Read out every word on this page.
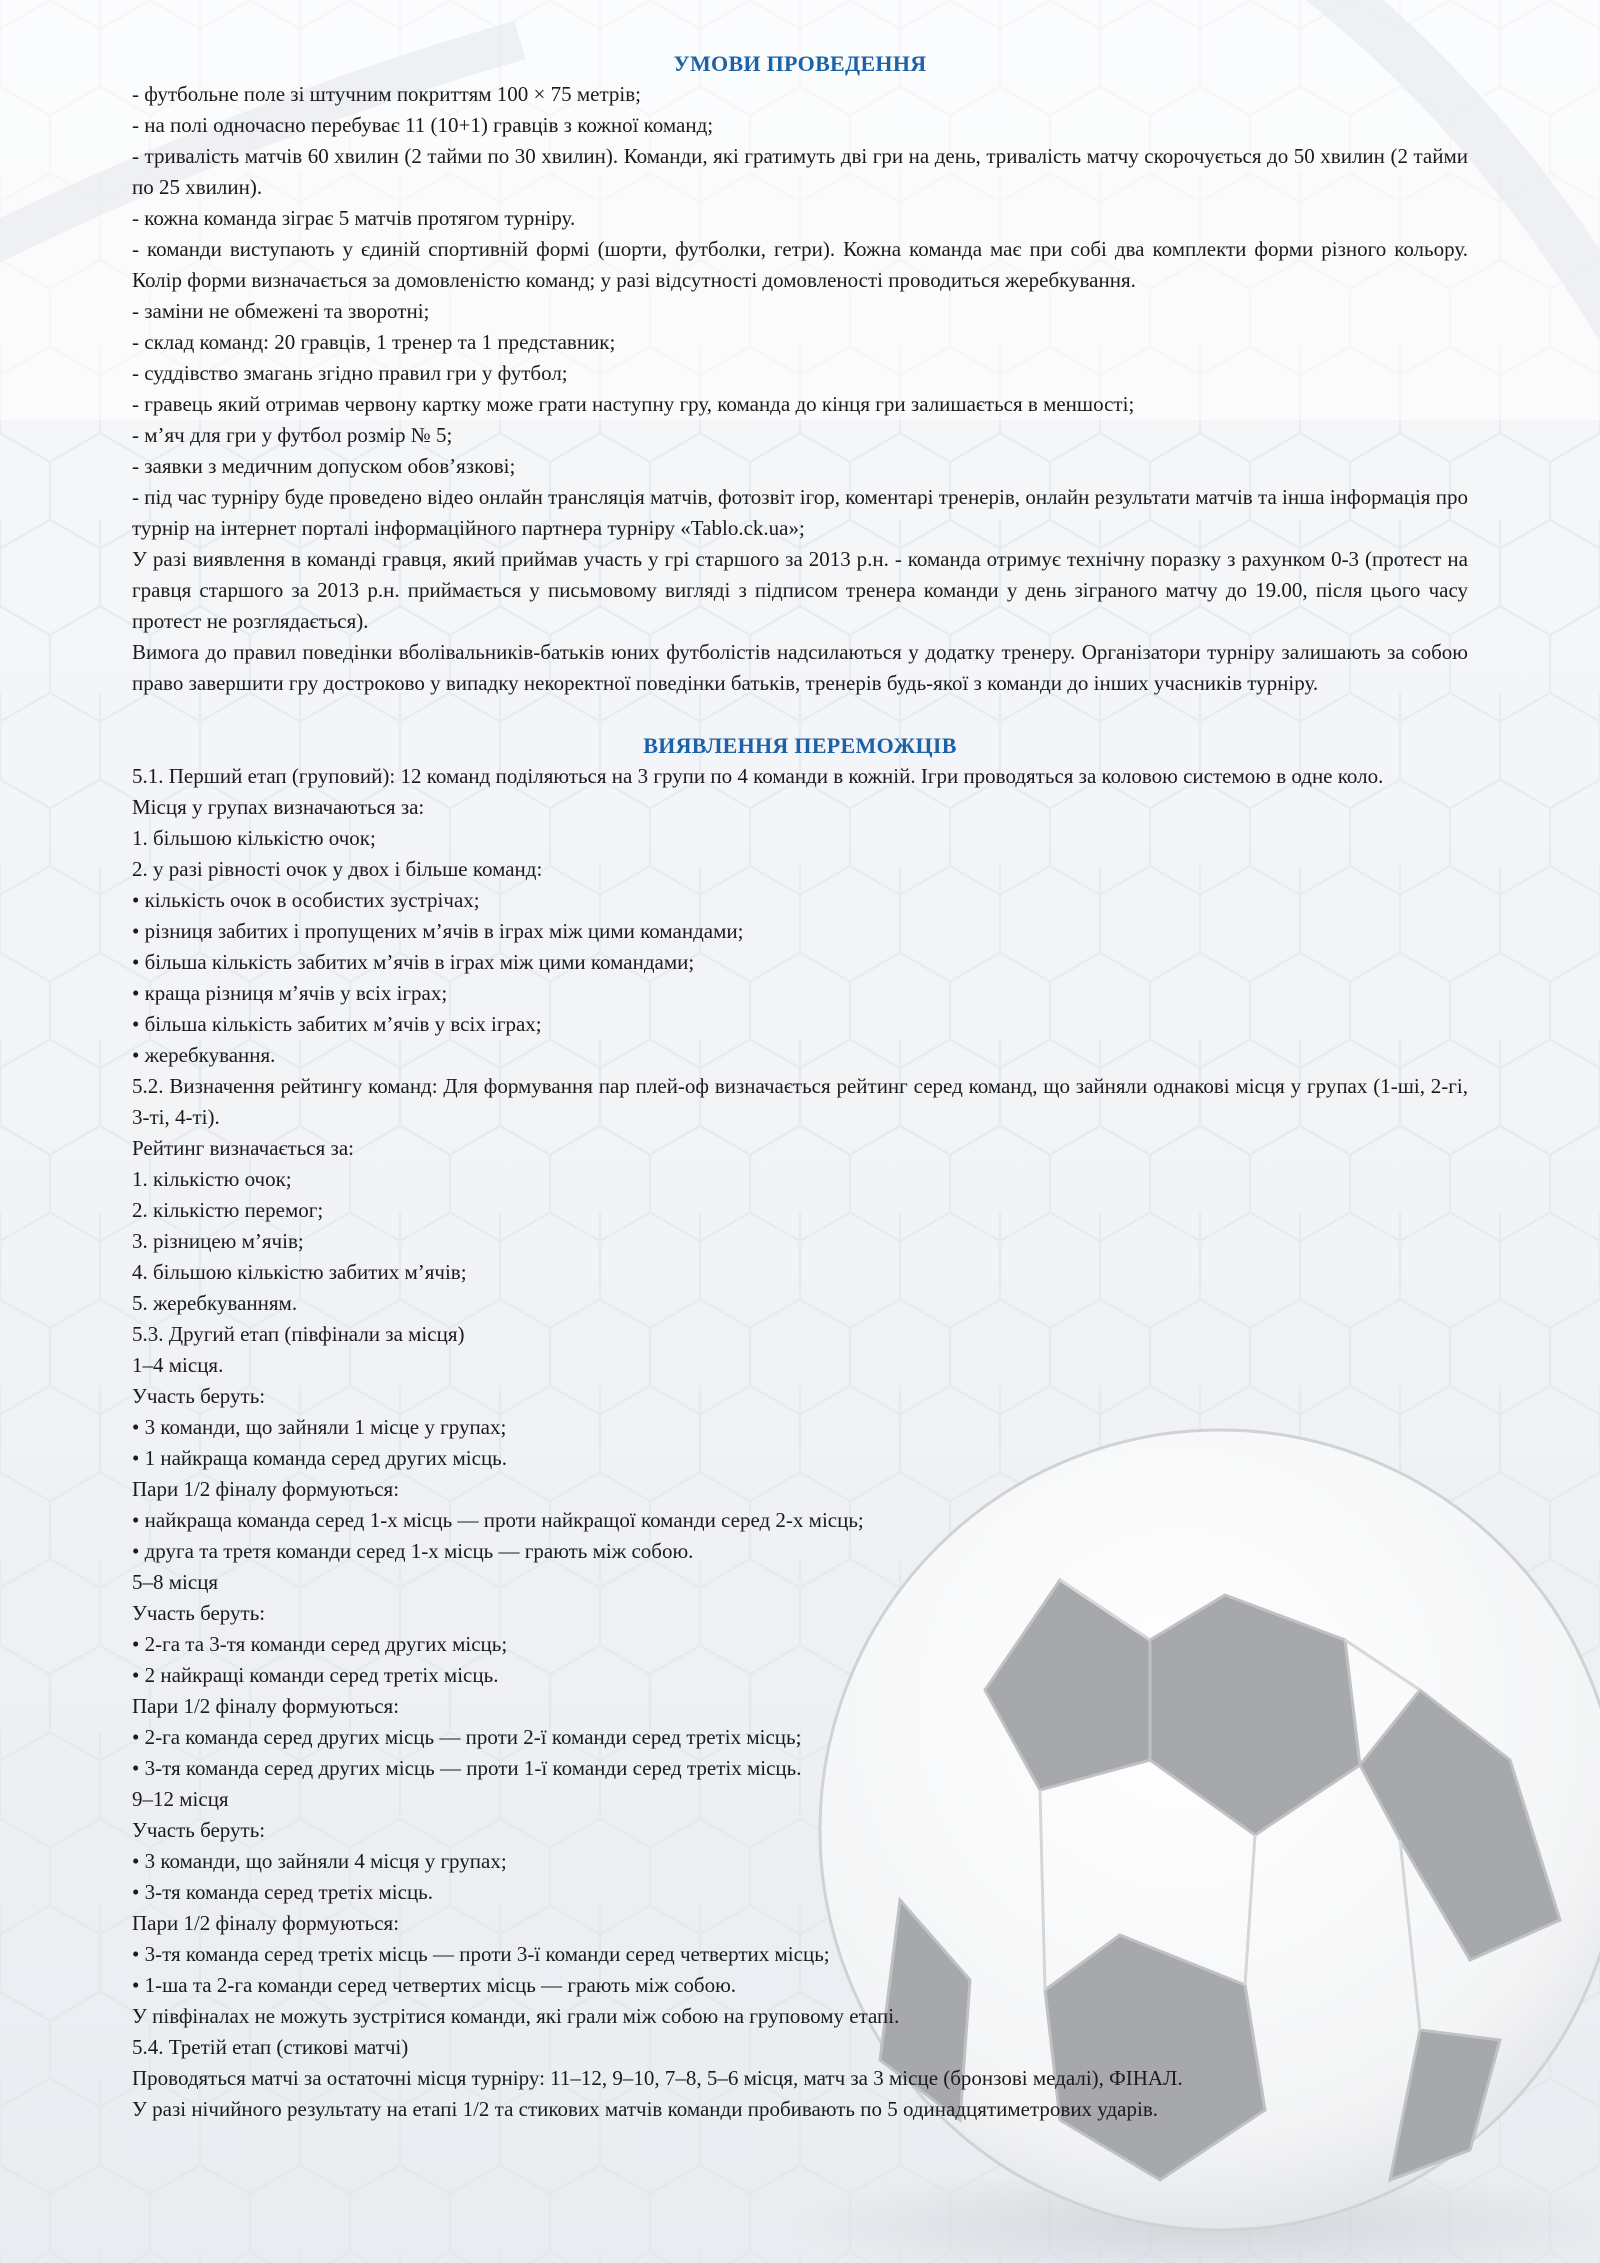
УМОВИ ПРОВЕДЕННЯ
- футбольне поле зі штучним покриттям 100 × 75 метрів;
- на полі одночасно перебуває 11 (10+1) гравців з кожної команд;
- тривалість матчів 60 хвилин (2 тайми по 30 хвилин). Команди, які гратимуть дві гри на день, тривалість матчу скорочується до 50 хвилин (2 тайми по 25 хвилин).
- кожна команда зіграє 5 матчів протягом турніру.
- команди виступають у єдиній спортивній формі (шорти, футболки, гетри). Кожна команда має при собі два комплекти форми різного кольору. Колір форми визначається за домовленістю команд; у разі відсутності домовленості проводиться жеребкування.
- заміни не обмежені та зворотні;
- склад команд: 20 гравців, 1 тренер та 1 представник;
- суддівство змагань згідно правил гри у футбол;
- гравець який отримав червону картку може грати наступну гру, команда до кінця гри залишається в меншості;
- м’яч для гри у футбол розмір № 5;
- заявки з медичним допуском обов’язкові;
- під час турніру буде проведено відео онлайн трансляція матчів, фотозвіт ігор, коментарі тренерів, онлайн результати матчів та інша інформація про турнір на інтернет порталі інформаційного партнера турніру «Tablo.ck.ua»;
У разі виявлення в команді гравця, який приймав участь у грі старшого за 2013 р.н. - команда отримує технічну поразку з рахунком 0-3 (протест на гравця старшого за 2013 р.н. приймається у письмовому вигляді з підписом тренера команди у день зіграного матчу до 19.00, після цього часу протест не розглядається).
Вимога до правил поведінки вболівальників-батьків юних футболістів надсилаються у додатку тренеру. Організатори турніру залишають за собою право завершити гру достроково у випадку некоректної поведінки батьків, тренерів будь-якої з команди до інших учасників турніру.
ВИЯВЛЕННЯ ПЕРЕМОЖЦІВ
5.1. Перший етап (груповий): 12 команд поділяються на 3 групи по 4 команди в кожній. Ігри проводяться за коловою системою в одне коло.
Місця у групах визначаються за:
1. більшою кількістю очок;
2. у разі рівності очок у двох і більше команд:
• кількість очок в особистих зустрічах;
• різниця забитих і пропущених м’ячів в іграх між цими командами;
• більша кількість забитих м’ячів в іграх між цими командами;
• краща різниця м’ячів у всіх іграх;
• більша кількість забитих м’ячів у всіх іграх;
• жеребкування.
5.2. Визначення рейтингу команд: Для формування пар плей-оф визначається рейтинг серед команд, що зайняли однакові місця у групах (1-ші, 2-гі, 3-ті, 4-ті).
Рейтинг визначається за:
1. кількістю очок;
2. кількістю перемог;
3. різницею м’ячів;
4. більшою кількістю забитих м’ячів;
5. жеребкуванням.
5.3. Другий етап (півфінали за місця)
1–4 місця.
Участь беруть:
• 3 команди, що зайняли 1 місце у групах;
• 1 найкраща команда серед других місць.
Пари 1/2 фіналу формуються:
• найкраща команда серед 1-х місць — проти найкращої команди серед 2-х місць;
• друга та третя команди серед 1-х місць — грають між собою.
5–8 місця
Участь беруть:
• 2-га та 3-тя команди серед других місць;
• 2 найкращі команди серед третіх місць.
Пари 1/2 фіналу формуються:
• 2-га команда серед других місць — проти 2-ї команди серед третіх місць;
• 3-тя команда серед других місць — проти 1-ї команди серед третіх місць.
9–12 місця
Участь беруть:
• 3 команди, що зайняли 4 місця у групах;
• 3-тя команда серед третіх місць.
Пари 1/2 фіналу формуються:
• 3-тя команда серед третіх місць — проти 3-ї команди серед четвертих місць;
• 1-ша та 2-га команди серед четвертих місць — грають між собою.
У півфіналах не можуть зустрітися команди, які грали між собою на груповому етапі.
5.4. Третій етап (стикові матчі)
Проводяться матчі за остаточні місця турніру: 11–12, 9–10, 7–8, 5–6 місця, матч за 3 місце (бронзові медалі), ФІНАЛ.
У разі нічийного результату на етапі 1/2 та стикових матчів команди пробивають по 5 одинадцятиметрових ударів.
